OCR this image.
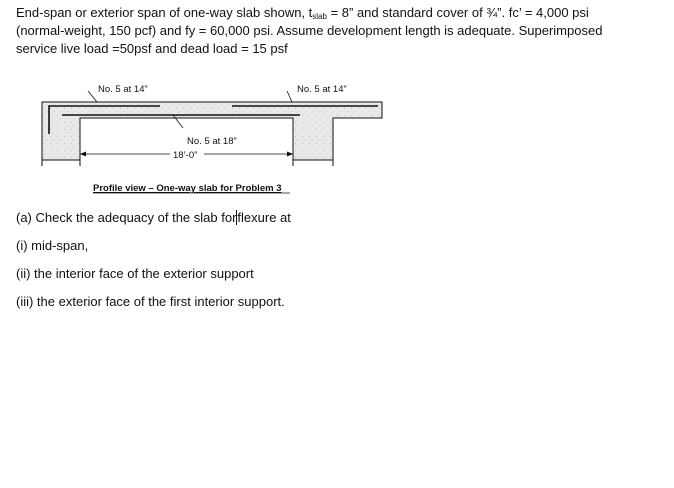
End-span or exterior span of one-way slab shown, $t_{slab} = 8$” and standard cover of ¾”. fc’ = 4,000 psi
(normal-weight, 150 pcf) and fy = 60,000 psi. Assume development length is adequate. Superimposed
service live load =50psf and dead load = 15 psf
No. 5 at 14”	No. 5 at 14”
No. 5 at 18”
18’-0”
Profile view – One-way slab for Problem 3
(a) Check the adequacy of the slab forflexure at
(i) mid-span,
(ii) the interior face of the exterior support
(iii) the exterior face of the first interior support.
